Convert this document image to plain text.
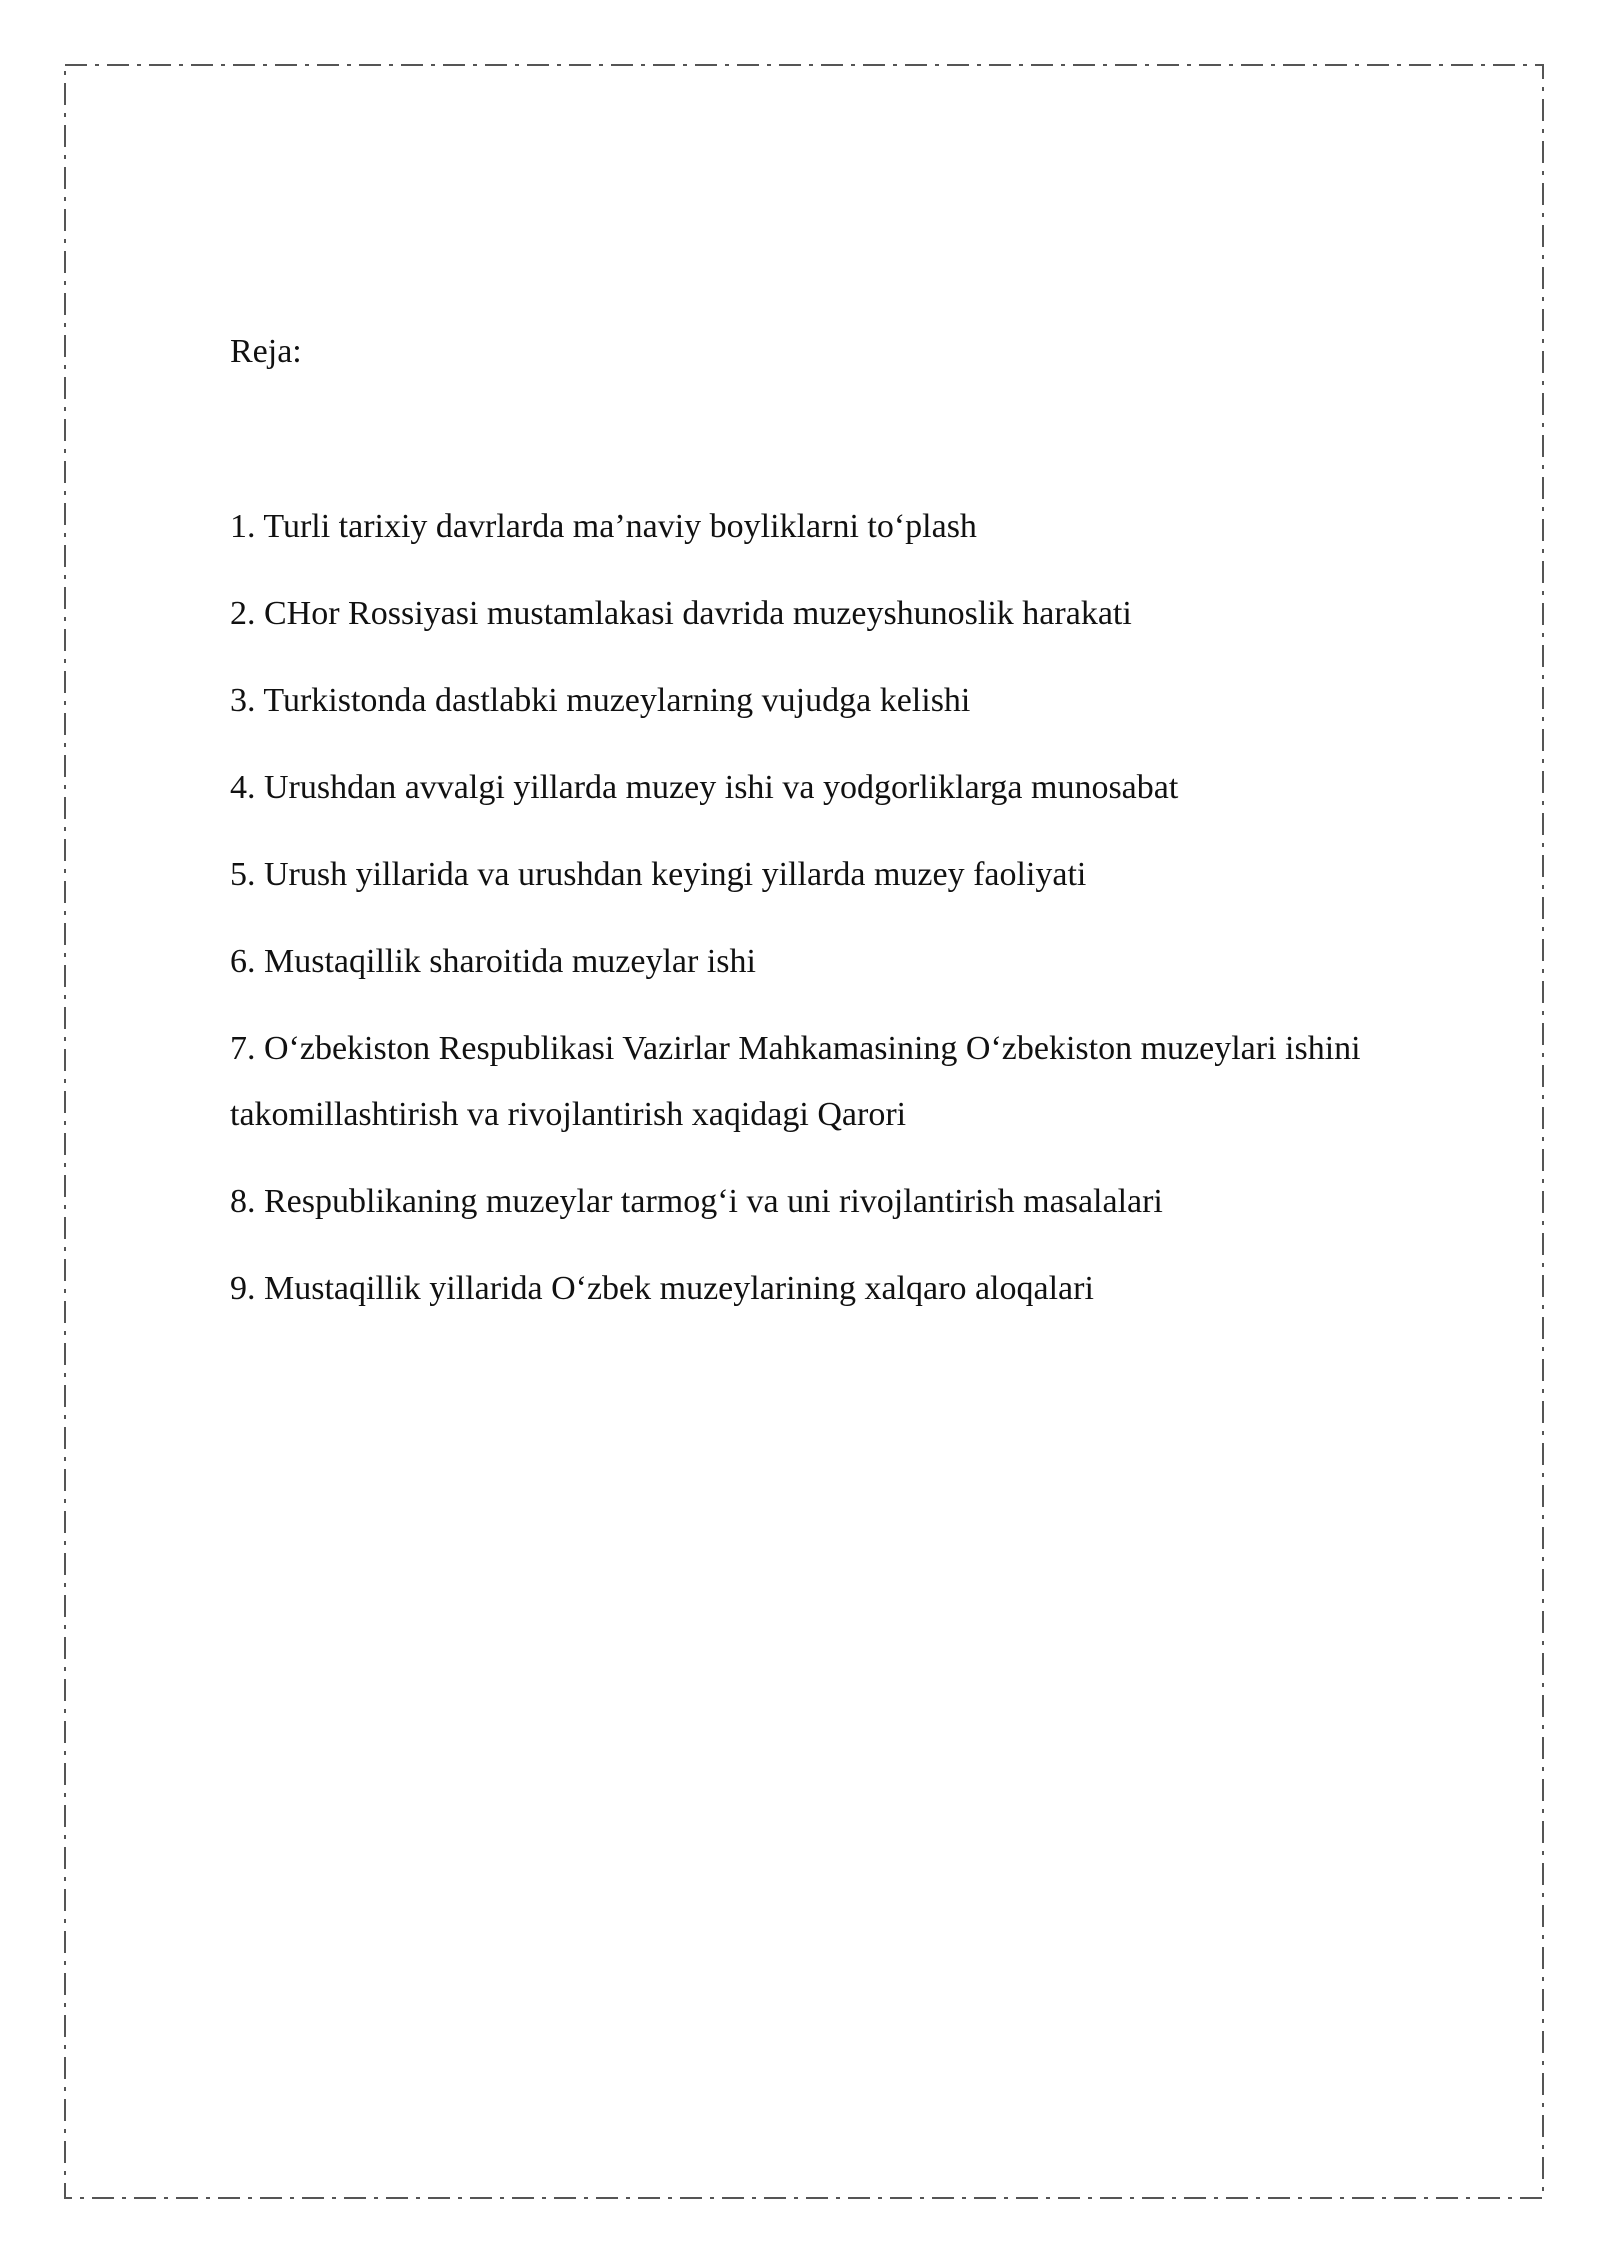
Reja:

1. Turli tarixiy davrlarda ma’naviy boyliklarni to‘plash
2. CHor Rossiyasi mustamlakasi davrida muzeyshunoslik harakati
3. Turkistonda dastlabki muzeylarning vujudga kelishi
4. Urushdan avvalgi yillarda muzey ishi va yodgorliklarga munosabat
5. Urush yillarida va urushdan keyingi yillarda muzey faoliyati
6. Mustaqillik sharoitida muzeylar ishi
7. O‘zbekiston Respublikasi Vazirlar Mahkamasining O‘zbekiston muzeylari ishini takomillashtirish va rivojlantirish xaqidagi Qarori
8. Respublikaning muzeylar tarmog‘i va uni rivojlantirish masalalari
9. Mustaqillik yillarida O‘zbek muzeylarining xalqaro aloqalari
